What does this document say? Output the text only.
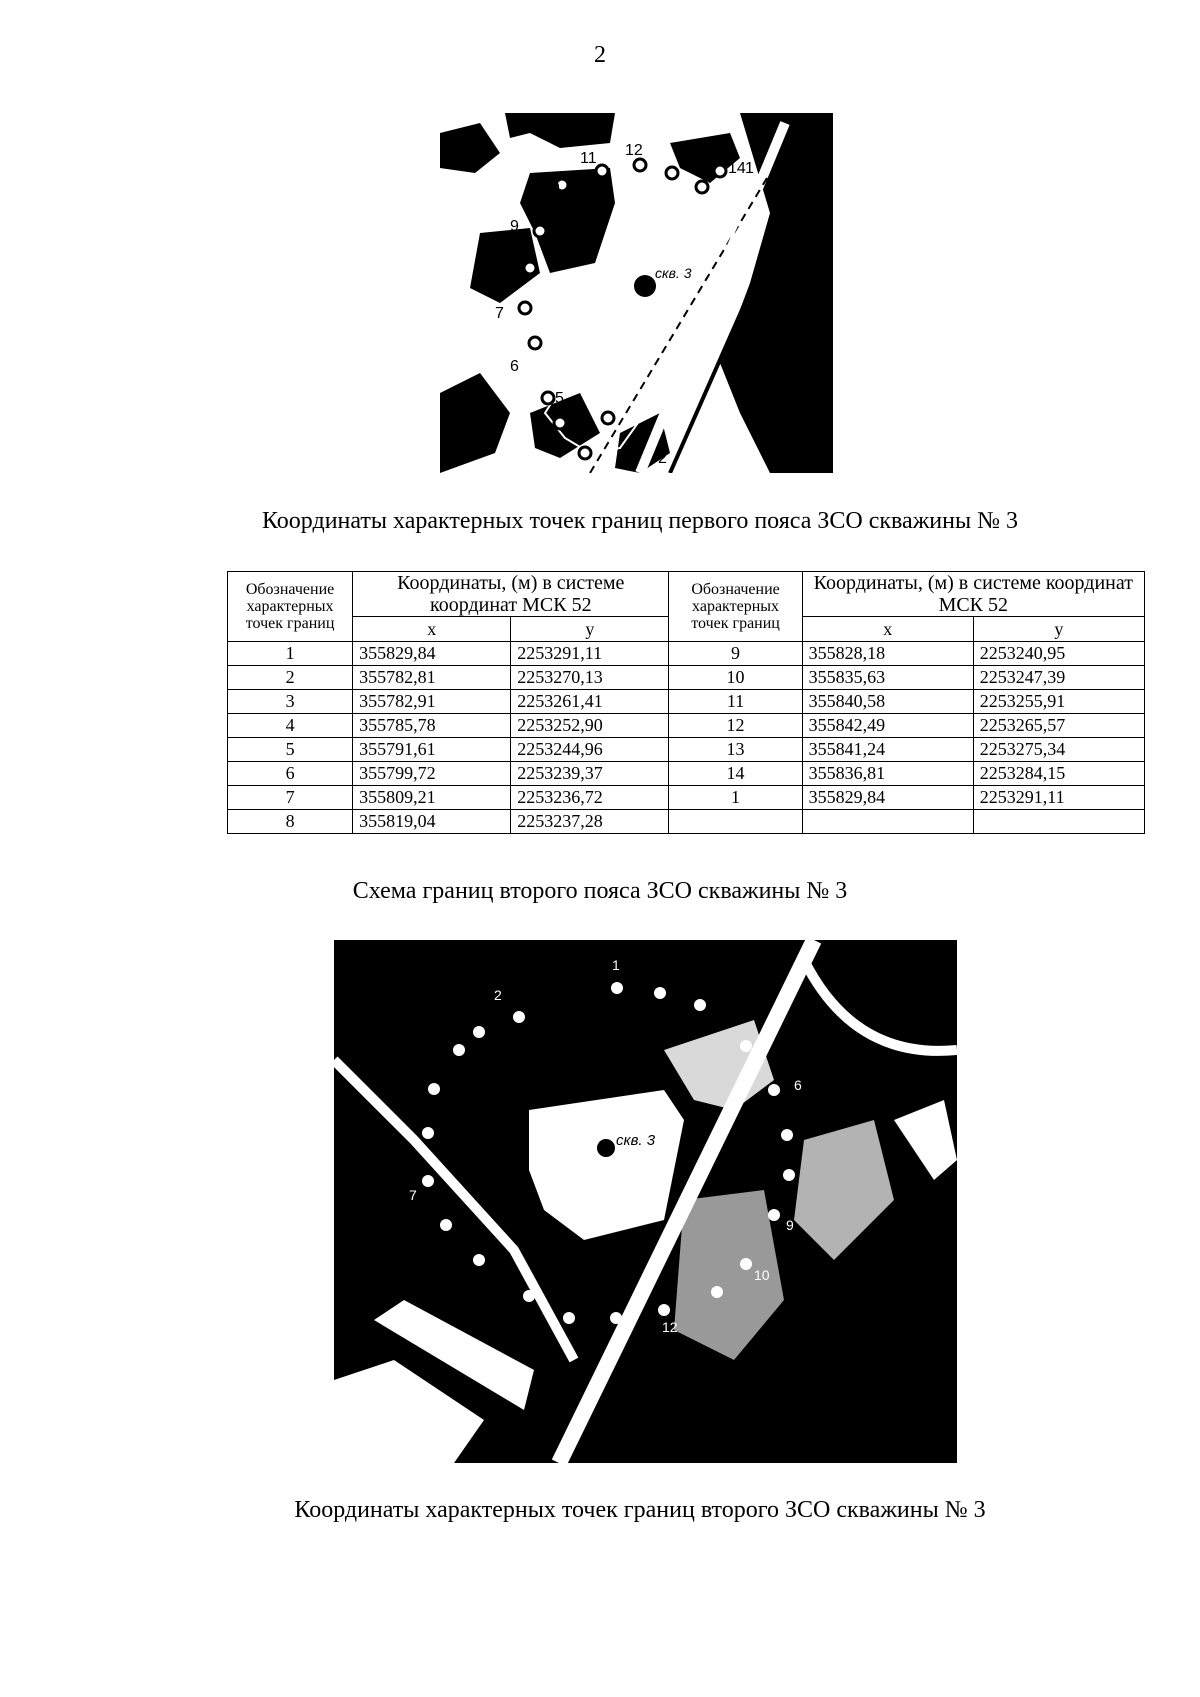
2
скв. 3
1
2
3
4
5
6
7
8
9
10
11 12 13
14
Координаты характерных точек границ первого пояса ЗСО скважины № 3
Обозначение характерных точек границ	Координаты, (м) в системе координат МСК 52		Обозначение характерных точек границ	Координаты, (м) в системе координат МСК 52	
	x	y		x	y
1	355829,84	2253291,11	9	355828,18	2253240,95
2	355782,81	2253270,13	10	355835,63	2253247,39
3	355782,91	2253261,41	11	355840,58	2253255,91
4	355785,78	2253252,90	12	355842,49	2253265,57
5	355791,61	2253244,96	13	355841,24	2253275,34
6	355799,72	2253239,37	14	355836,81	2253284,15
7	355809,21	2253236,72	1	355829,84	2253291,11
8	355819,04	2253237,28			
Схема границ второго пояса ЗСО скважины № 3
скв. 3
1
2
6
7
9
10
12
Координаты характерных точек границ второго ЗСО скважины № 3
